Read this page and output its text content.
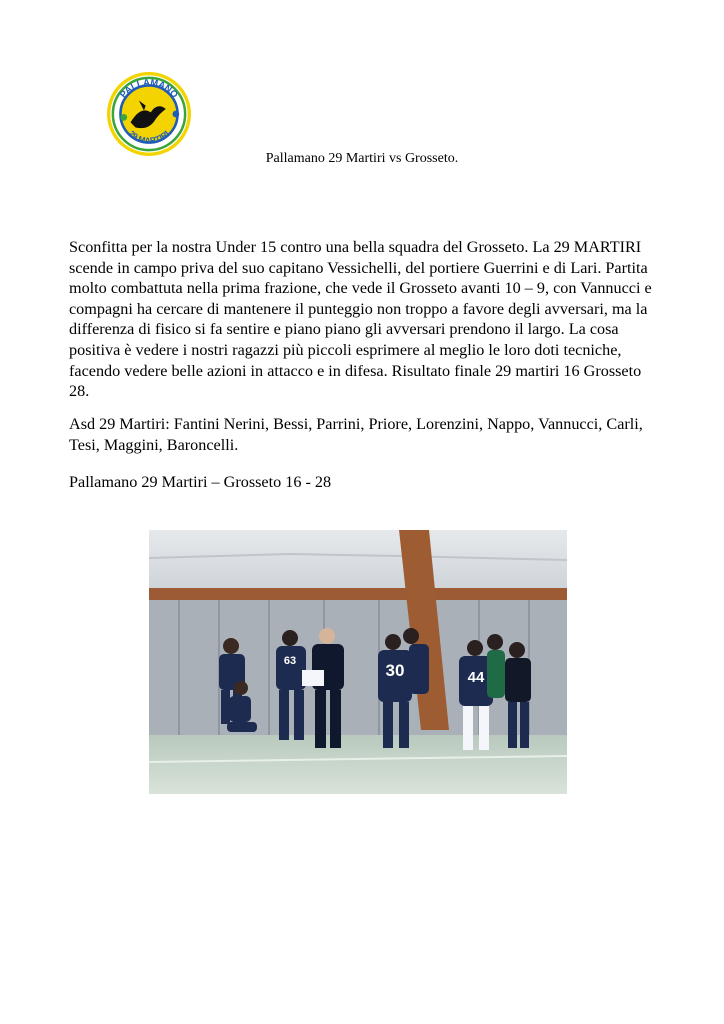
PALLAMANO
29 MARTIRI
Pallamano 29 Martiri vs Grosseto.

Sconfitta per la nostra Under 15 contro una bella squadra del Grosseto. La 29 MARTIRI scende in campo priva del suo capitano Vessichelli, del portiere Guerrini e di Lari. Partita molto combattuta nella prima frazione, che vede il Grosseto avanti 10 – 9, con Vannucci e compagni ha cercare di mantenere il punteggio non troppo a favore degli avversari, ma la differenza di fisico si fa sentire e piano piano gli avversari prendono il largo. La cosa positiva è vedere i nostri ragazzi più piccoli esprimere al meglio le loro doti tecniche, facendo vedere belle azioni in attacco e in difesa. Risultato finale 29 martiri 16 Grosseto 28.

Asd 29 Martiri: Fantini Nerini, Bessi, Parrini, Priore, Lorenzini, Nappo, Vannucci, Carli, Tesi, Maggini, Baroncelli.

Pallamano 29 Martiri – Grosseto 16 - 28

63	30	44
